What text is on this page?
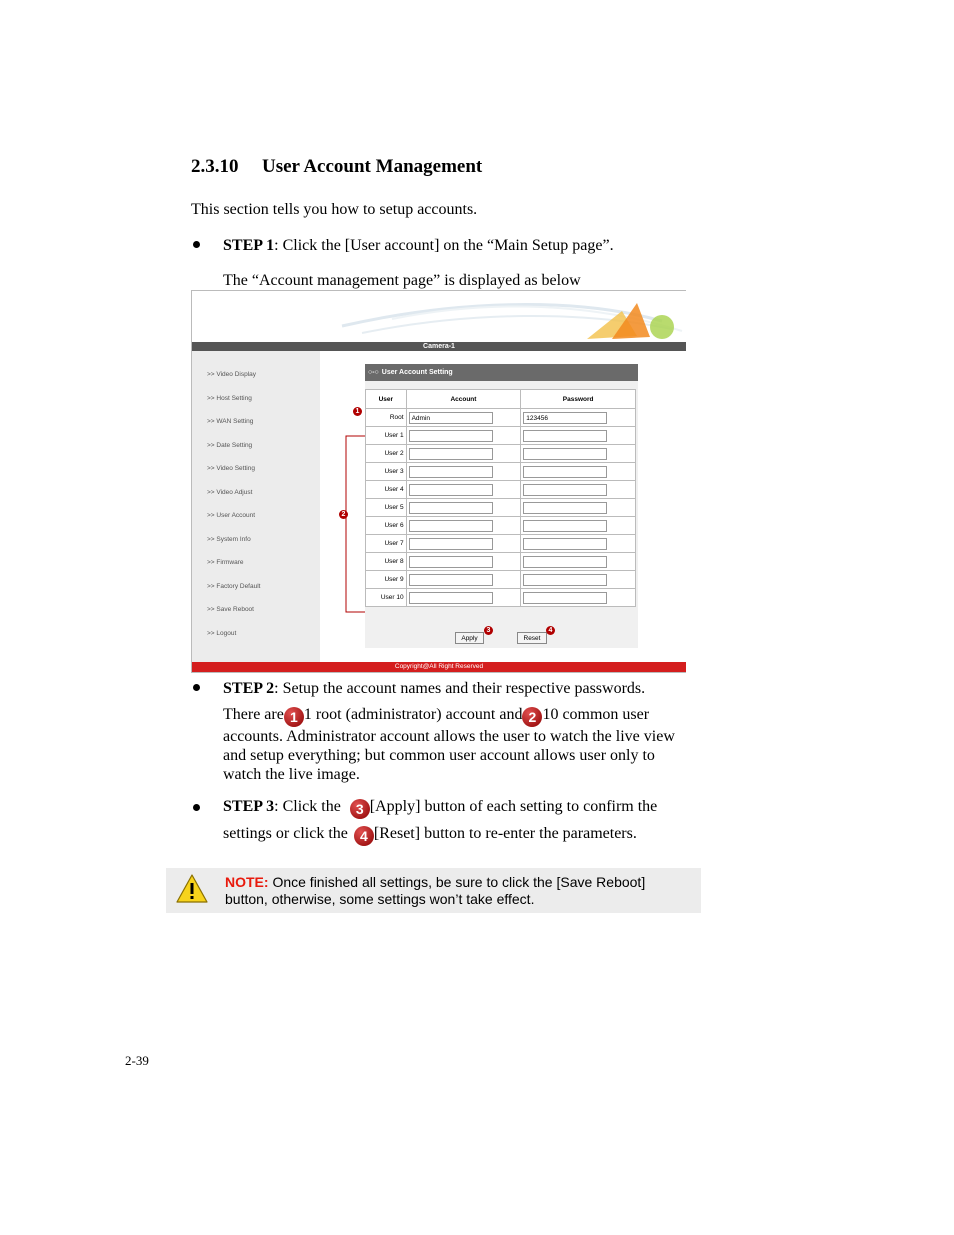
2.3.10 User Account Management
This section tells you how to setup accounts.
STEP 1: Click the [User account] on the “Main Setup page”.
The “Account management page” is displayed as below
Camera-1
>> Video Display
>> Host Setting
>> WAN Setting
>> Date Setting
>> Video Setting
>> Video Adjust
>> User Account
>> System Info
>> Firmware
>> Factory Default
>> Save Reboot
>> Logout
1
2
○-○ User Account Setting
User	Account	Password
Root	Admin	123456

User 1	

User 2	

User 3	

User 4	

User 5	

User 6	

User 7	

User 8	

User 9	

User 10	

Apply
3
Reset
4
Copyright@All Right Reserved
STEP 2: Setup the account names and their respective passwords.
There are 1 1 root (administrator) account and 2 10 common user
accounts. Administrator account allows the user to watch the live view
and setup everything; but common user account allows user only to
watch the live image.
STEP 3: Click the 3 [Apply] button of each setting to confirm the
settings or click the 4 [Reset] button to re-enter the parameters.
NOTE: Once finished all settings, be sure to click the [Save Reboot] button, otherwise, some settings won’t take effect.
2-39
